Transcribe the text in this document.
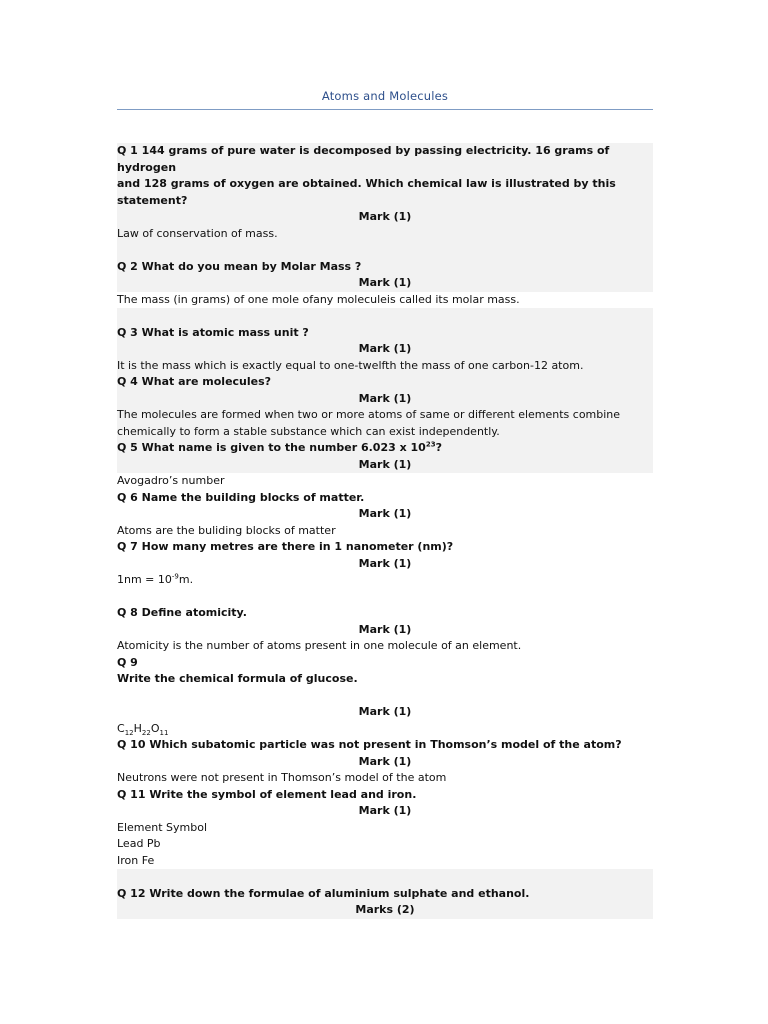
Atoms and Molecules
Q 1 144 grams of pure water is decomposed by passing electricity. 16 grams of hydrogen
and 128 grams of oxygen are obtained. Which chemical law is illustrated by this
statement?
Mark (1)
Law of conservation of mass.
Q 2 What do you mean by Molar Mass ?
Mark (1)
The mass (in grams) of one mole ofany moleculeis called its molar mass.
Q 3 What is atomic mass unit ?
Mark (1)
It is the mass which is exactly equal to one-twelfth the mass of one carbon-12 atom.
Q 4 What are molecules?
Mark (1)
The molecules are formed when two or more atoms of same or different elements combine
chemically to form a stable substance which can exist independently.
Q 5 What name is given to the number 6.023 x $10^{23}$?
Mark (1)
Avogadro’s number
Q 6 Name the building blocks of matter.
Mark (1)
Atoms are the buliding blocks of matter
Q 7 How many metres are there in 1 nanometer (nm)?
Mark (1)
$1nm = 10^{-9}m$.
Q 8 Define atomicity.
Mark (1)
Atomicity is the number of atoms present in one molecule of an element.
Q 9
Write the chemical formula of glucose.
Mark (1)
$C_{12}H_{22}O_{11}$
Q 10 Which subatomic particle was not present in Thomson’s model of the atom?
Mark (1)
Neutrons were not present in Thomson’s model of the atom
Q 11 Write the symbol of element lead and iron.
Mark (1)
Element Symbol
Lead Pb
Iron Fe
Q 12 Write down the formulae of aluminium sulphate and ethanol.
Marks (2)
